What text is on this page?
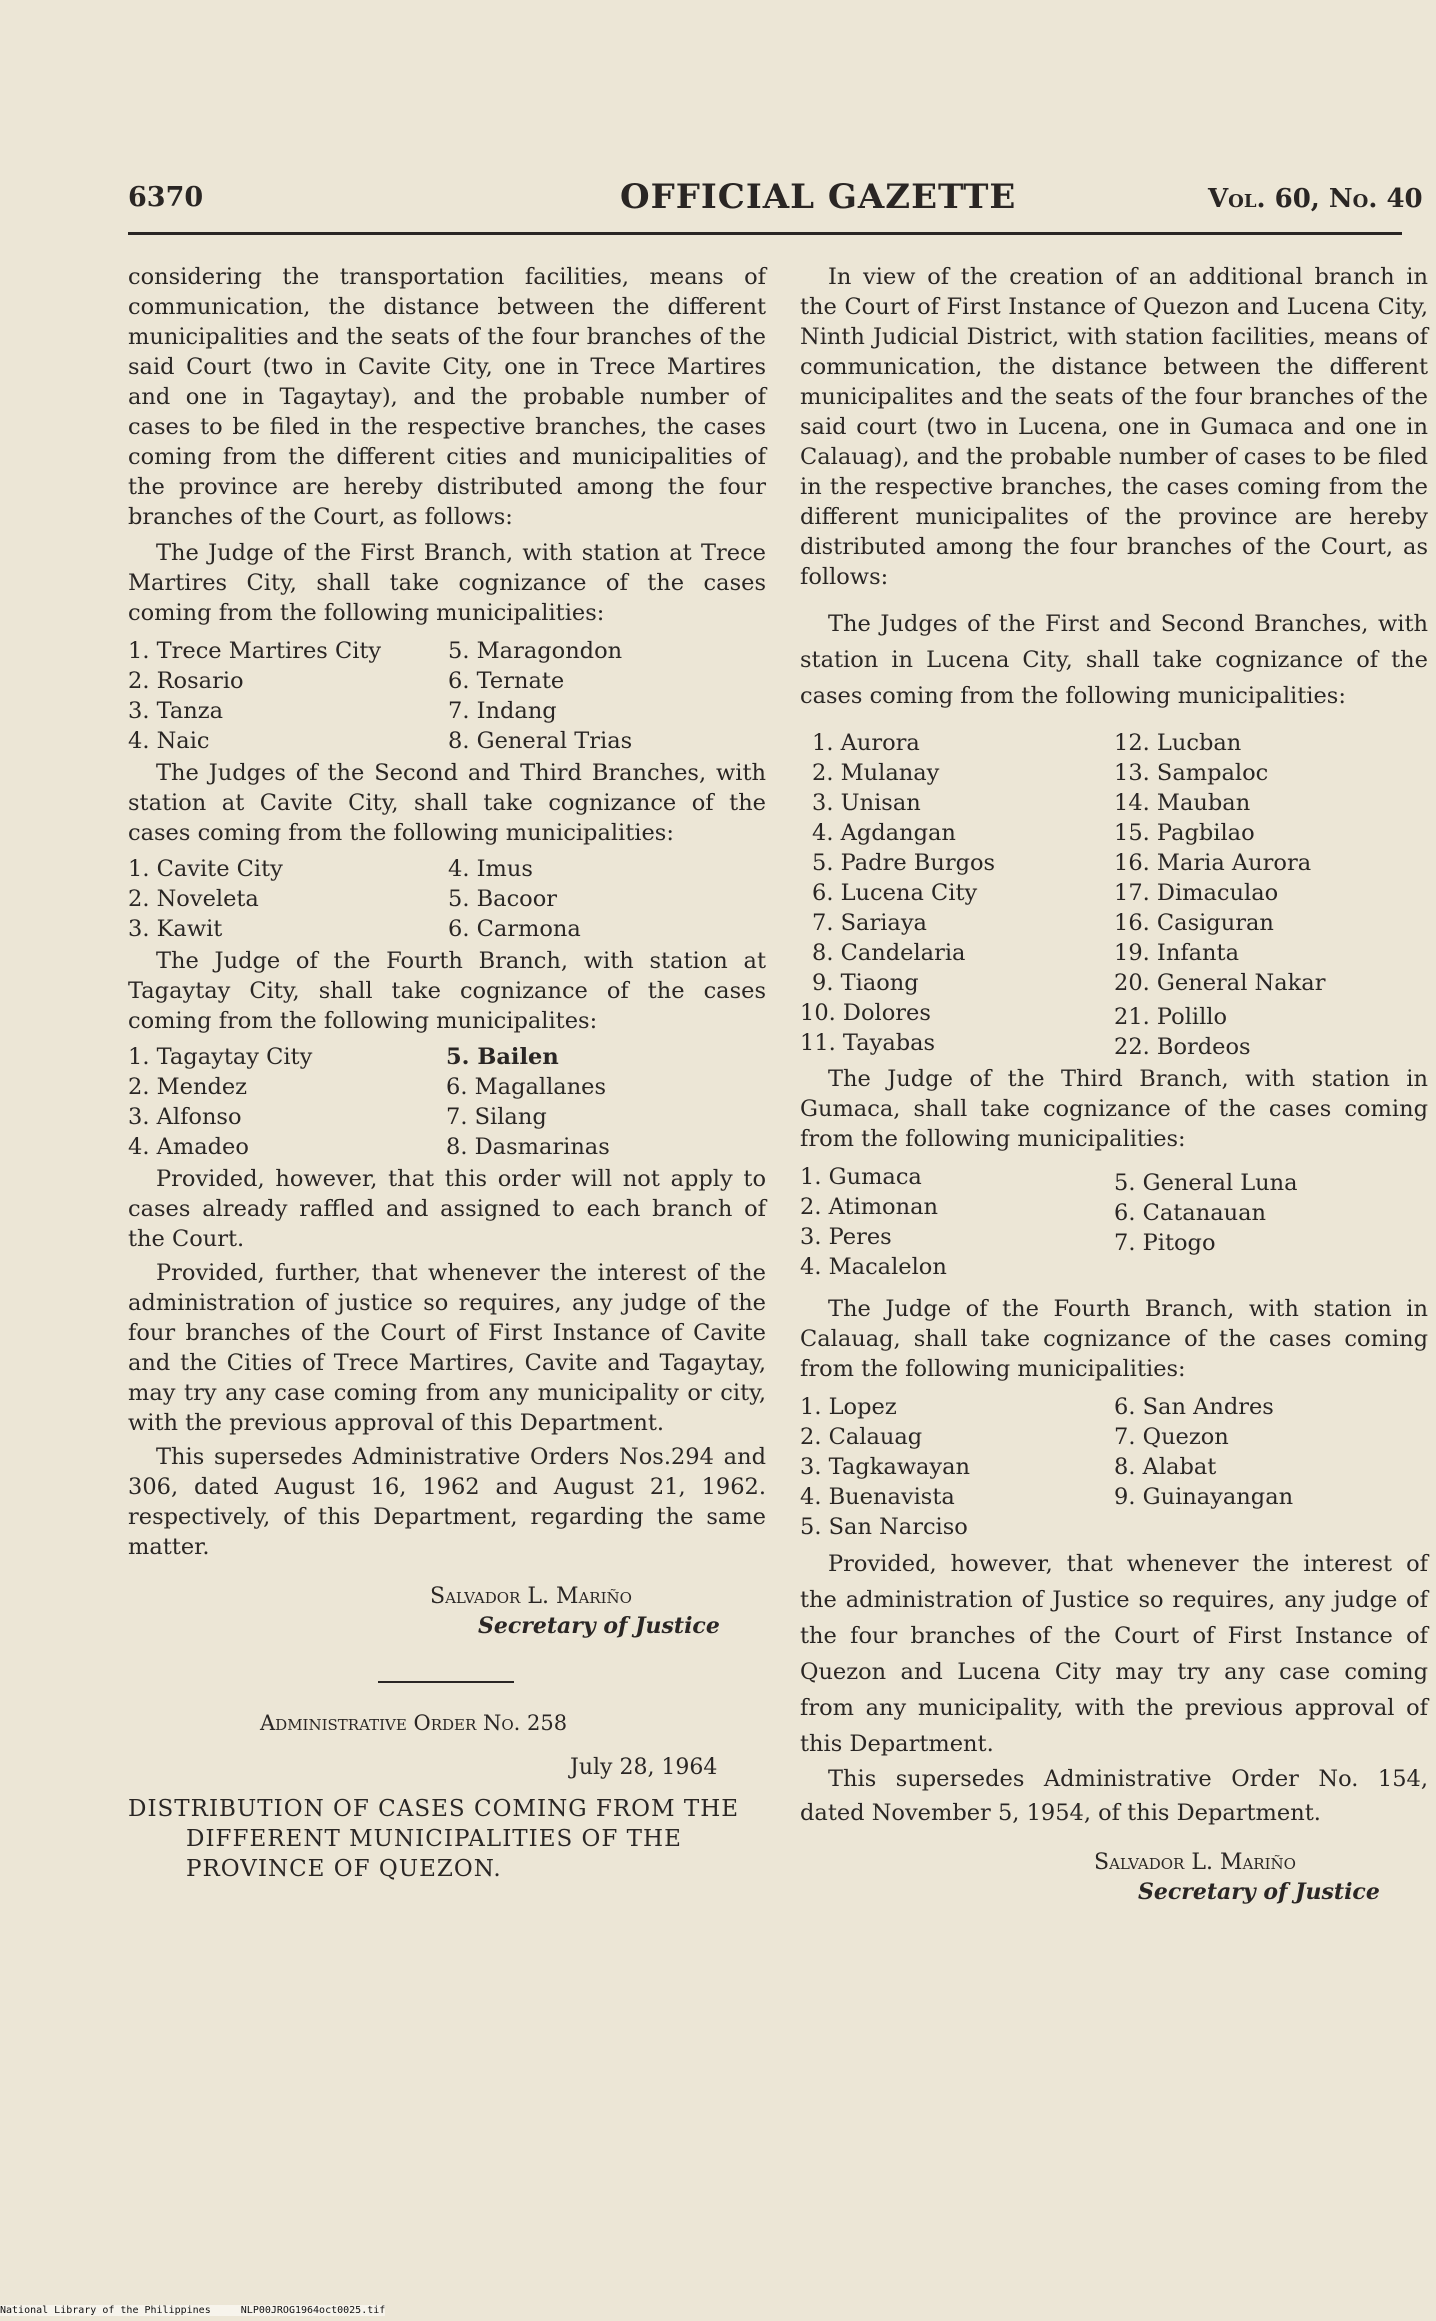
6370	OFFICIAL GAZETTE	Vol. 60, No. 40

considering the transportation facilities, means of communication, the distance between the different municipalities and the seats of the four branches of the said Court (two in Cavite City, one in Trece Martires and one in Tagaytay), and the probable number of cases to be filed in the respective branches, the cases coming from the different cities and municipalities of the province are hereby distributed among the four branches of the Court, as follows:

The Judge of the First Branch, with station at Trece Martires City, shall take cognizance of the cases coming from the following municipalities:

1. Trece Martires City
2. Rosario
3. Tanza
4. Naic
5. Maragondon
6. Ternate
7. Indang
8. General Trias

The Judges of the Second and Third Branches, with station at Cavite City, shall take cognizance of the cases coming from the following municipalities:

1. Cavite City
2. Noveleta
3. Kawit
4. Imus
5. Bacoor
6. Carmona

The Judge of the Fourth Branch, with station at Tagaytay City, shall take cognizance of the cases coming from the following municipalites:

1. Tagaytay City
2. Mendez
3. Alfonso
4. Amadeo
5. Bailen
6. Magallanes
7. Silang
8. Dasmarinas

Provided, however, that this order will not apply to cases already raffled and assigned to each branch of the Court.

Provided, further, that whenever the interest of the administration of justice so requires, any judge of the four branches of the Court of First Instance of Cavite and the Cities of Trece Martires, Cavite and Tagaytay, may try any case coming from any municipality or city, with the previous approval of this Department.

This supersedes Administrative Orders Nos.294 and 306, dated August 16, 1962 and August 21, 1962. respectively, of this Department, regarding the same matter.

Salvador L. Mariño
Secretary of Justice
Administrative Order No. 258
July 28, 1964
DISTRIBUTION OF CASES COMING FROM THE DIFFERENT MUNICIPALITIES OF THE PROVINCE OF QUEZON.

In view of the creation of an additional branch in the Court of First Instance of Quezon and Lucena City, Ninth Judicial District, with station facilities, means of communication, the distance between the different municipalites and the seats of the four branches of the said court (two in Lucena, one in Gumaca and one in Calauag), and the probable number of cases to be filed in the respective branches, the cases coming from the different municipalites of the province are hereby distributed among the four branches of the Court, as follows:

The Judges of the First and Second Branches, with station in Lucena City, shall take cognizance of the cases coming from the following municipalities:

1. Aurora
2. Mulanay
3. Unisan
4. Agdangan
5. Padre Burgos
6. Lucena City
7. Sariaya
8. Candelaria
9. Tiaong
10. Dolores
11. Tayabas
12. Lucban
13. Sampaloc
14. Mauban
15. Pagbilao
16. Maria Aurora
17. Dimaculao
16. Casiguran
19. Infanta
20. General Nakar
21. Polillo
22. Bordeos

The Judge of the Third Branch, with station in Gumaca, shall take cognizance of the cases coming from the following municipalities:

1. Gumaca
2. Atimonan
3. Peres
4. Macalelon
5. General Luna
6. Catanauan
7. Pitogo

The Judge of the Fourth Branch, with station in Calauag, shall take cognizance of the cases coming from the following municipalities:

1. Lopez
2. Calauag
3. Tagkawayan
4. Buenavista
5. San Narciso
6. San Andres
7. Quezon
8. Alabat
9. Guinayangan

Provided, however, that whenever the interest of the administration of Justice so requires, any judge of the four branches of the Court of First Instance of Quezon and Lucena City may try any case coming from any municipality, with the previous approval of this Department.

This supersedes Administrative Order No. 154, dated November 5, 1954, of this Department.

Salvador L. Mariño
Secretary of Justice
National Library of the Philippines	NLP00JROG1964oct0025.tif
